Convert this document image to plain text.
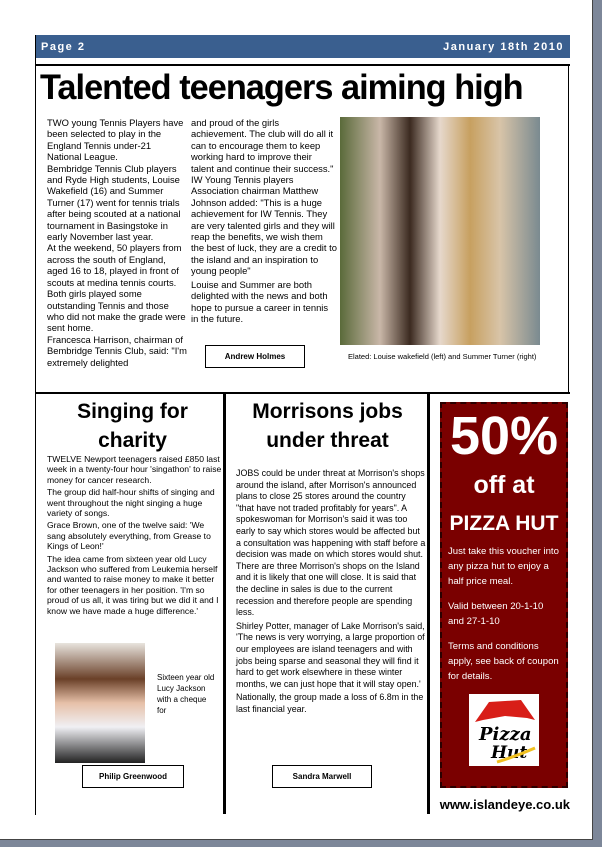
Page 2	January 18th 2010
Talented teenagers aiming high

TWO young Tennis Players have been selected to play in the England Tennis under-21 National League.

Bembridge Tennis Club players and Ryde High students, Louise Wakefield (16) and Summer Turner (17) went for tennis trials after being scouted at a national tournament in Basingstoke in early November last year.

At the weekend, 50 players from across the south of England, aged 16 to 18, played in front of scouts at medina tennis courts. Both girls played some outstanding Tennis and those who did not make the grade were sent home.

Francesca Harrison, chairman of Bembridge Tennis Club, said: "I'm extremely delighted

and proud of the girls achievement. The club will do all it can to encourage them to keep working hard to improve their talent and continue their success."

IW Young Tennis players Association chairman Matthew Johnson added: "This is a huge achievement for IW Tennis. They are very talented girls and they will reap the benefits, we wish them the best of luck, they are a credit to the island and an inspiration to young people"

Louise and Summer are both delighted with the news and both hope to pursue a career in tennis in the future.

Andrew Holmes	Elated: Louise wakefield (left) and Summer Turner (right)
Singing for charity

TWELVE Newport teenagers raised £850 last week in a twenty-four hour 'singathon' to raise money for cancer research.

The group did half-hour shifts of singing and went throughout the night singing a huge variety of songs.

Grace Brown, one of the twelve said: 'We sang absolutely everything, from Grease to Kings of Leon!'

The idea came from sixteen year old Lucy Jackson who suffered from Leukemia herself and wanted to raise money to make it better for other teenagers in her position. 'I'm so proud of us all, it was tiring but we did it and I know we have made a huge difference.'

Sixteen year old Lucy Jackson with a cheque for
Philip Greenwood
Morrisons jobs under threat

JOBS could be under threat at Morrison's shops around the island, after Morrison's announced plans to close 25 stores around the country "that have not traded profitably for years". A spokeswoman for Morrison's said it was too early to say which stores would be affected but a consultation was happening with staff before a decision was made on which stores would shut. There are three Morrison's shops on the Island and it is likely that one will close. It is said that the decline in sales is due to the current recession and therefore people are spending less.

Shirley Potter, manager of Lake Morrison's said, 'The news is very worrying, a large proportion of our employees are island teenagers and with jobs being sparse and seasonal they will find it hard to get work elsewhere in these winter months, we can just hope that it will stay open.'

Nationally, the group made a loss of 6.8m in the last financial year.

Sandra Marwell
50%
off at
PIZZA HUT
Just take this voucher into any pizza hut to enjoy a half price meal.
Valid between 20-1-10 and 27-1-10
Terms and conditions apply, see back of coupon for details.
Pizza
Hut
www.islandeye.co.uk
